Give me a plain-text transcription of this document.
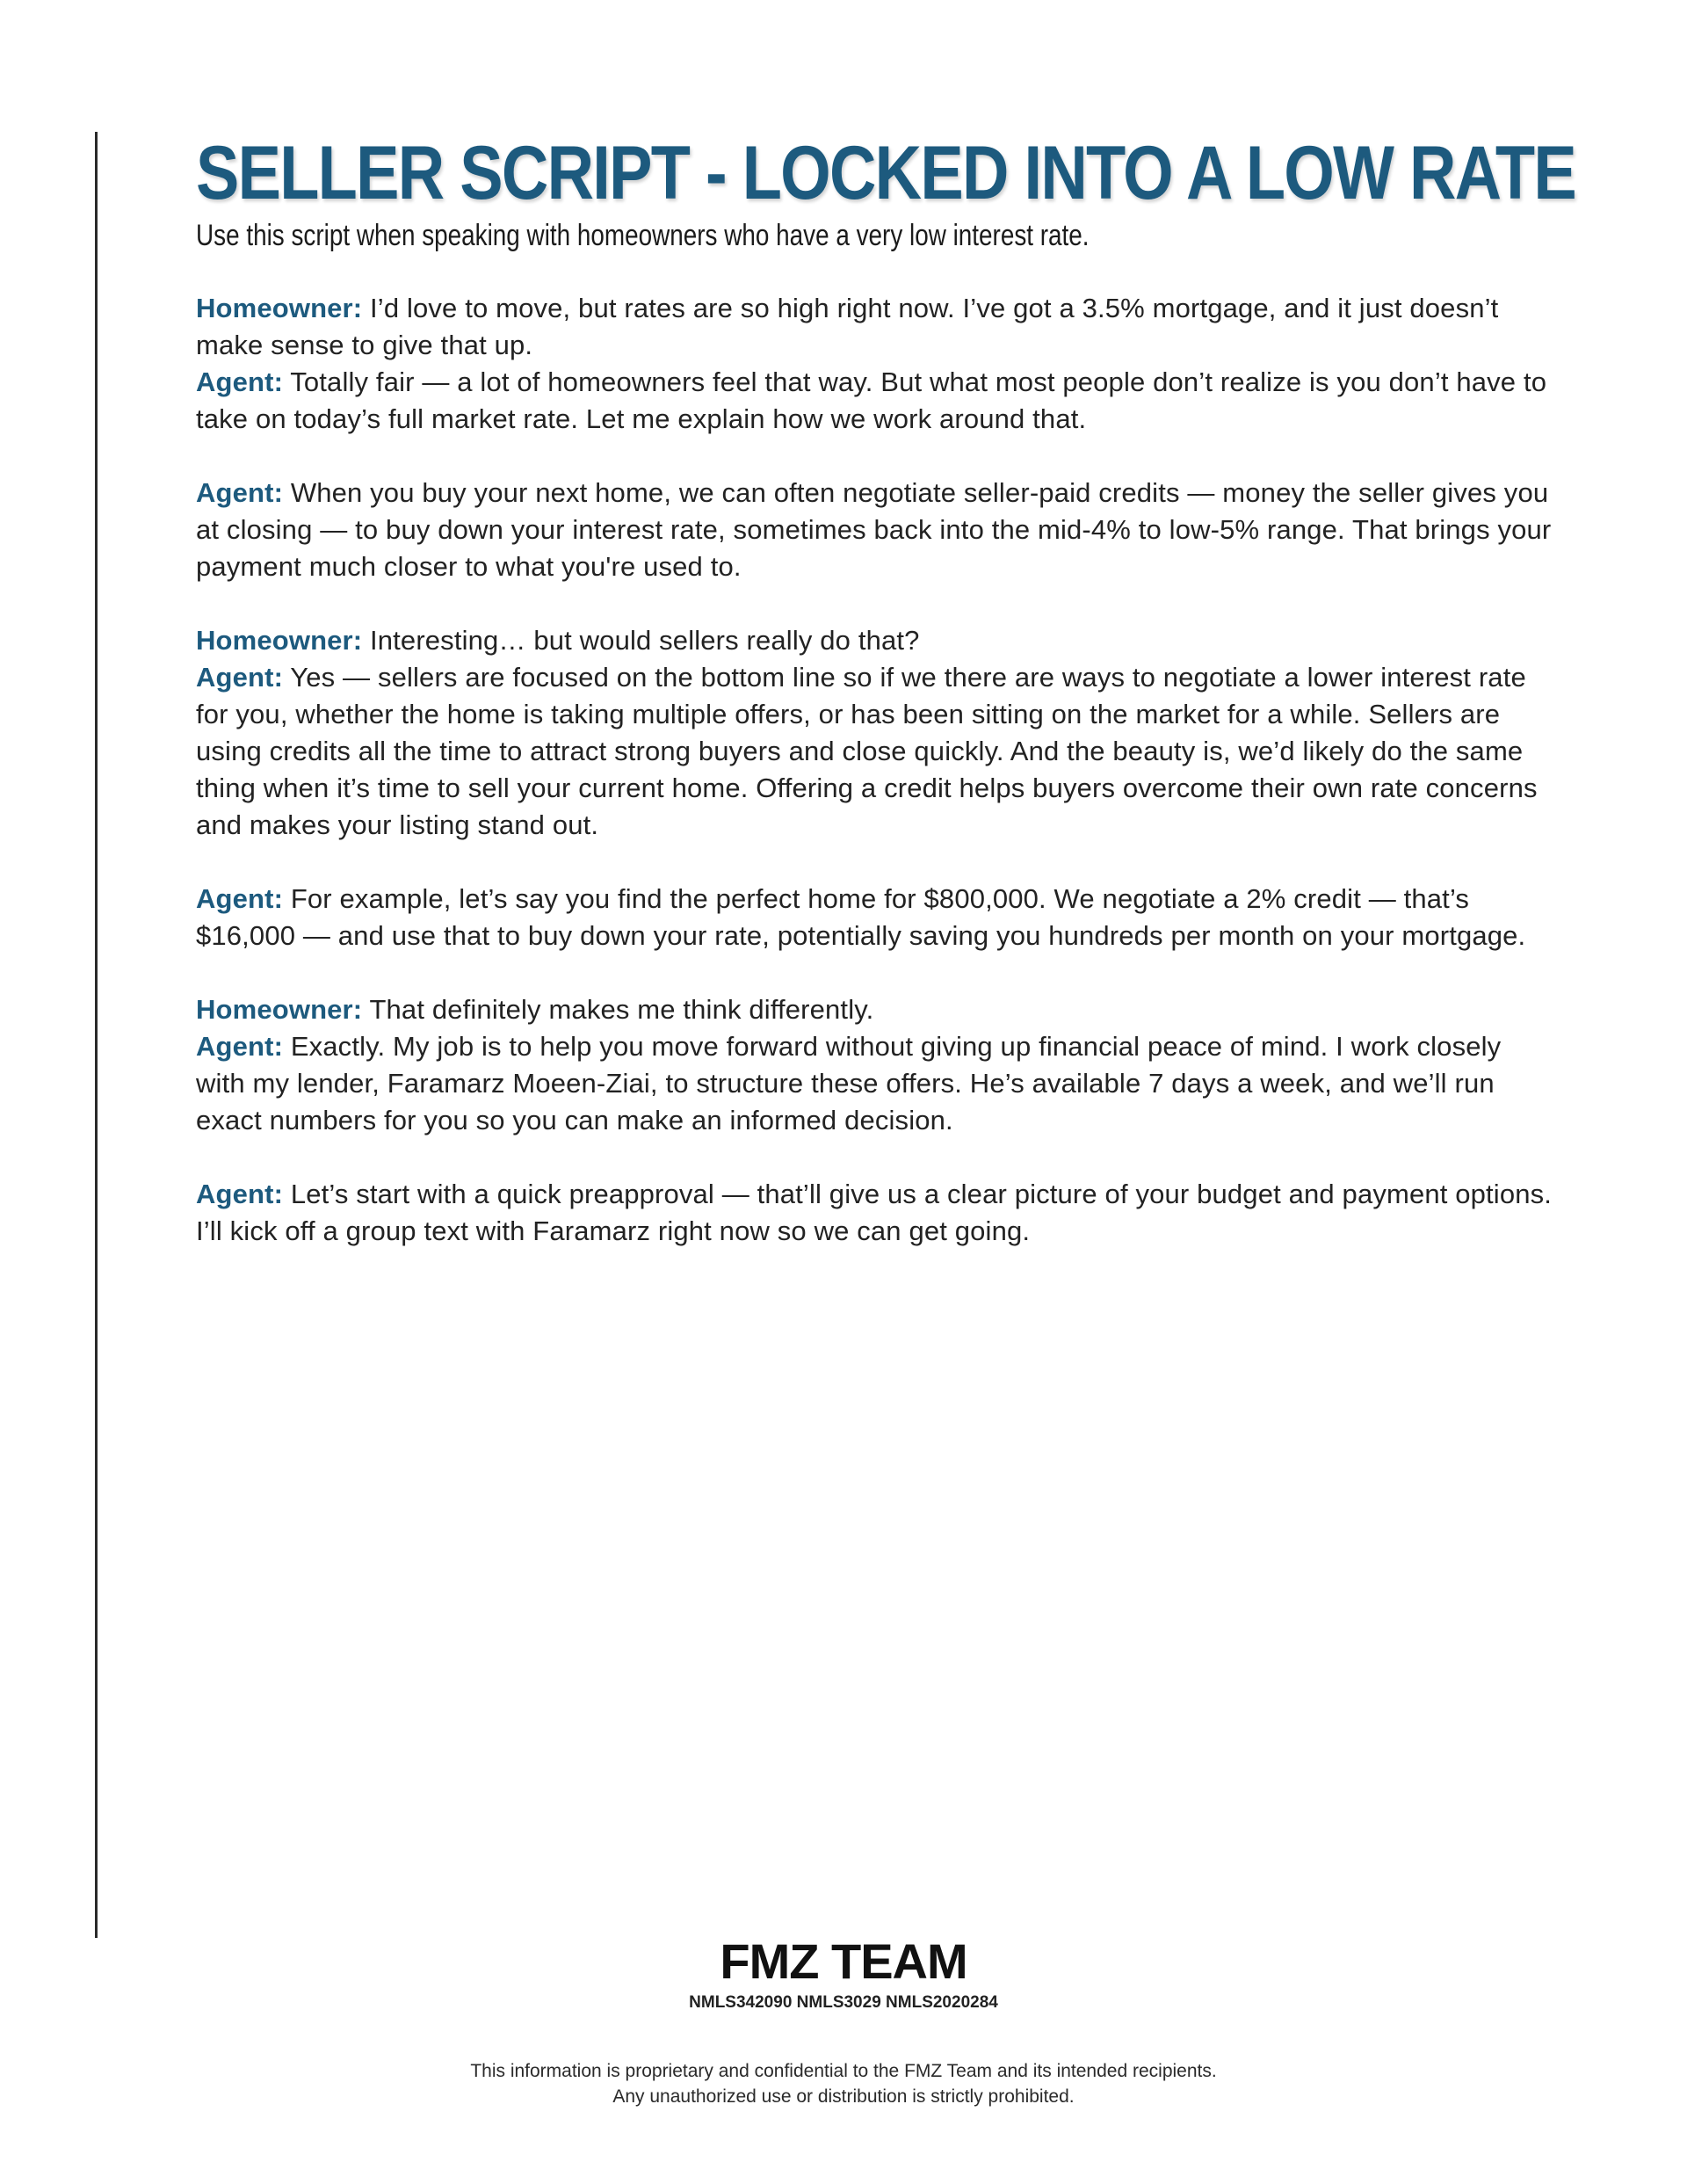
SELLER SCRIPT - LOCKED INTO A LOW RATE

Use this script when speaking with homeowners who have a very low interest rate.

Homeowner: I’d love to move, but rates are so high right now. I’ve got a 3.5% mortgage, and it just doesn’t make sense to give that up.

Agent: Totally fair — a lot of homeowners feel that way. But what most people don’t realize is you don’t have to take on today’s full market rate. Let me explain how we work around that.

Agent: When you buy your next home, we can often negotiate seller-paid credits — money the seller gives you at closing — to buy down your interest rate, sometimes back into the mid-4% to low-5% range. That brings your payment much closer to what you're used to.

Homeowner: Interesting… but would sellers really do that?

Agent: Yes — sellers are focused on the bottom line so if we there are ways to negotiate a lower interest rate for you, whether the home is taking multiple offers, or has been sitting on the market for a while. Sellers are using credits all the time to attract strong buyers and close quickly. And the beauty is, we’d likely do the same thing when it’s time to sell your current home. Offering a credit helps buyers overcome their own rate concerns and makes your listing stand out.

Agent: For example, let’s say you find the perfect home for $800,000. We negotiate a 2% credit — that’s $16,000 — and use that to buy down your rate, potentially saving you hundreds per month on your mortgage.

Homeowner: That definitely makes me think differently.

Agent: Exactly. My job is to help you move forward without giving up financial peace of mind. I work closely with my lender, Faramarz Moeen-Ziai, to structure these offers. He’s available 7 days a week, and we’ll run exact numbers for you so you can make an informed decision.

Agent: Let’s start with a quick preapproval — that’ll give us a clear picture of your budget and payment options. I’ll kick off a group text with Faramarz right now so we can get going.

FMZ TEAM
NMLS342090 NMLS3029 NMLS2020284

This information is proprietary and confidential to the FMZ Team and its intended recipients.

Any unauthorized use or distribution is strictly prohibited.
